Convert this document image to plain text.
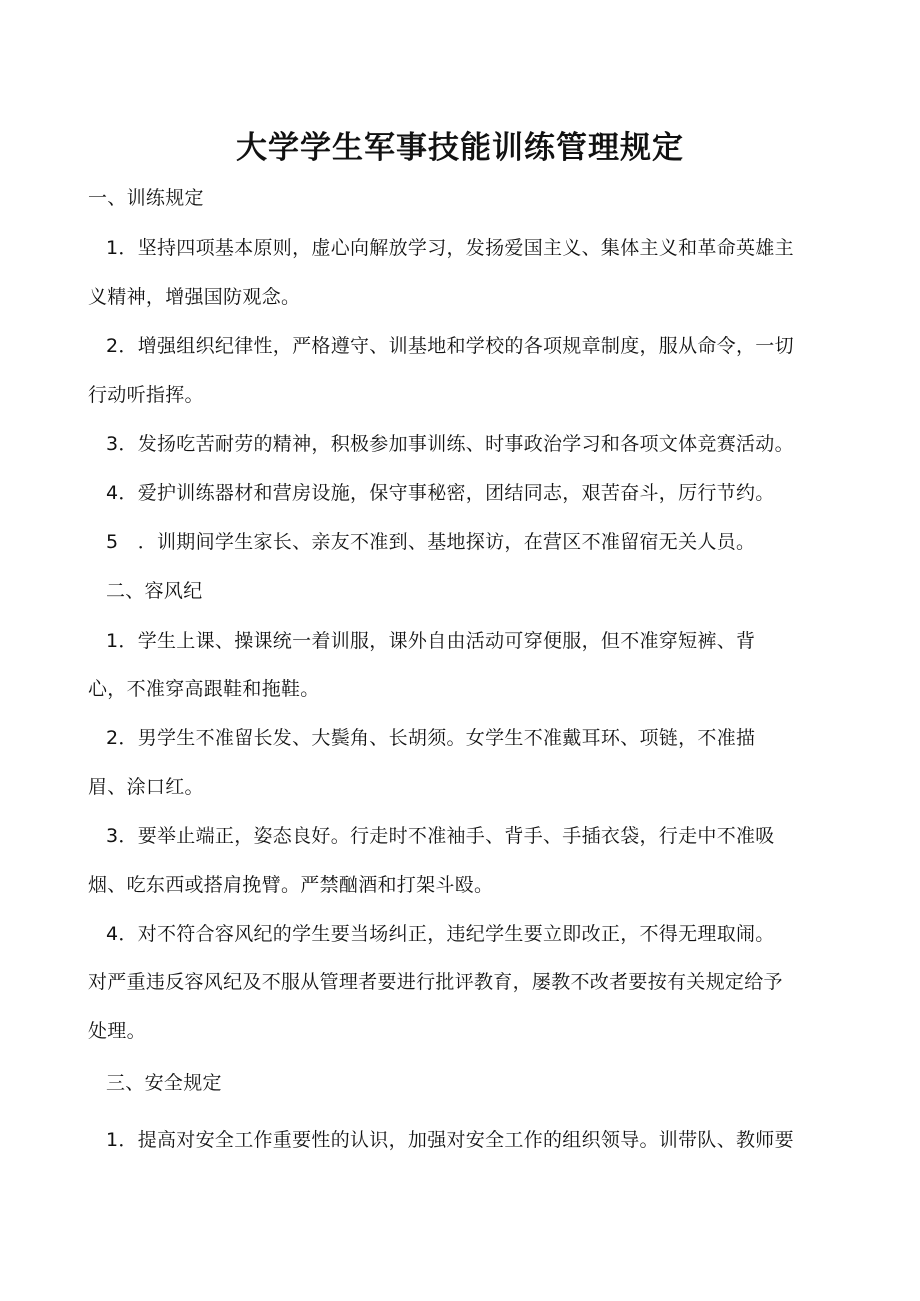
大学学生军事技能训练管理规定
一、训练规定
1．坚持四项基本原则，虚心向解放学习，发扬爱国主义、集体主义和革命英雄主
义精神，增强国防观念。
2．增强组织纪律性，严格遵守、训基地和学校的各项规章制度，服从命令，一切
行动听指挥。
3．发扬吃苦耐劳的精神，积极参加事训练、时事政治学习和各项文体竞赛活动。
4．爱护训练器材和营房设施，保守事秘密，团结同志，艰苦奋斗，厉行节约。
5　．训期间学生家长、亲友不准到、基地探访，在营区不准留宿无关人员。
二、容风纪
1．学生上课、操课统一着训服，课外自由活动可穿便服，但不准穿短裤、背
心，不准穿高跟鞋和拖鞋。
2．男学生不准留长发、大鬓角、长胡须。女学生不准戴耳环、项链，不准描
眉、涂口红。
3．要举止端正，姿态良好。行走时不准袖手、背手、手插衣袋，行走中不准吸
烟、吃东西或搭肩挽臂。严禁酗酒和打架斗殴。
4．对不符合容风纪的学生要当场纠正，违纪学生要立即改正，不得无理取闹。
对严重违反容风纪及不服从管理者要进行批评教育，屡教不改者要按有关规定给予
处理。
三、安全规定
1．提高对安全工作重要性的认识，加强对安全工作的组织领导。训带队、教师要
